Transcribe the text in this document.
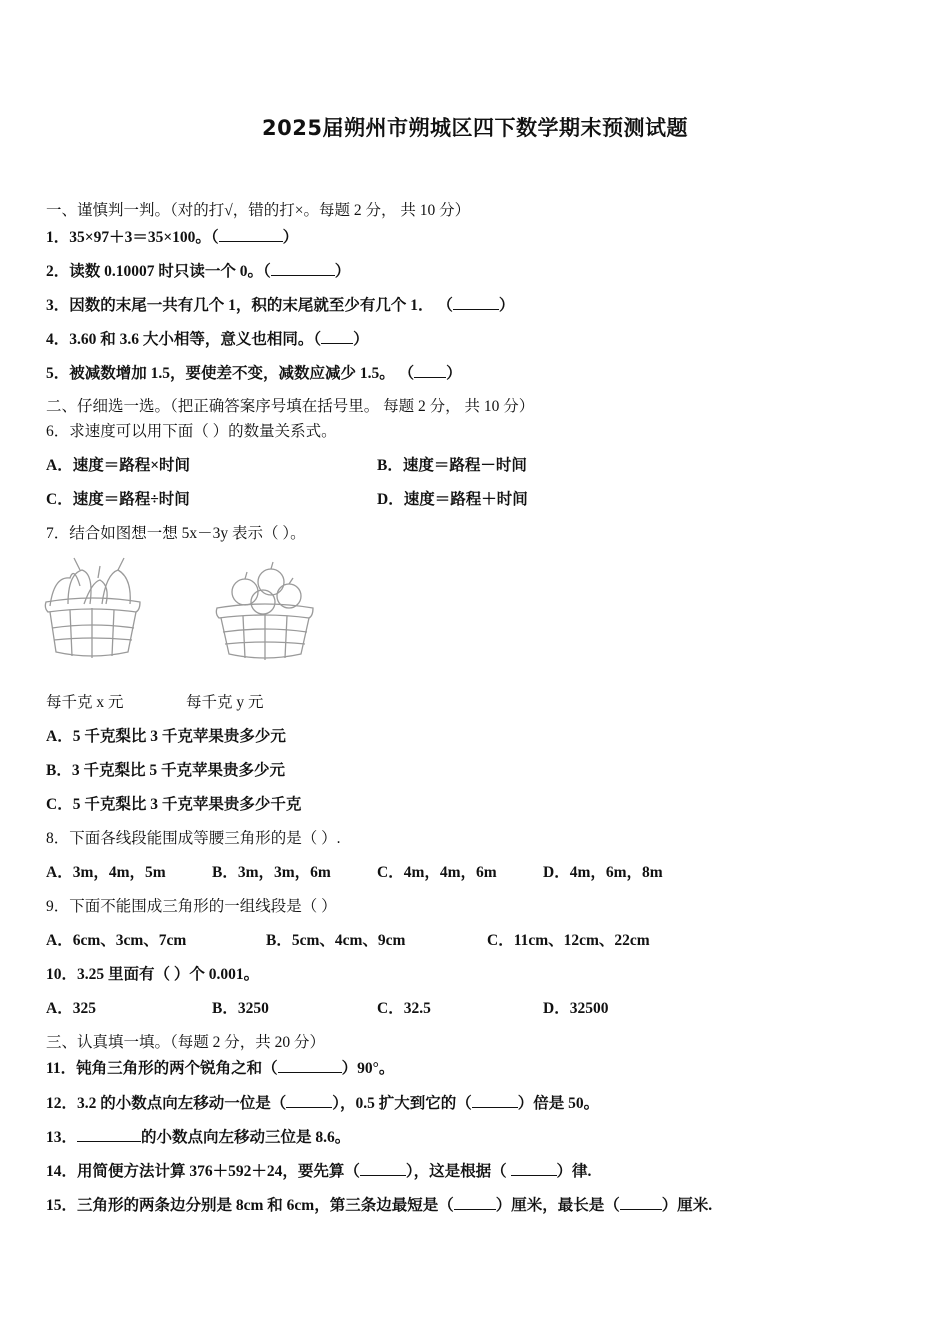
2025届朔州市朔城区四下数学期末预测试题
一、谨慎判一判。（对的打√，错的打×。每题 2 分， 共 10 分）
1．35×97＋3＝35×100。（	）
2．读数 0.10007 时只读一个 0。（	）
3．因数的末尾一共有几个 1，积的末尾就至少有几个 1． （	）
4．3.60 和 3.6 大小相等，意义也相同。（ ）
5．被减数增加 1.5，要使差不变，减数应减少 1.5。 （ ）
二、仔细选一选。（把正确答案序号填在括号里。 每题 2 分， 共 10 分）
6．求速度可以用下面（ ）的数量关系式。
A．速度＝路程×时间	B．速度＝路程－时间
C．速度＝路程÷时间	D．速度＝路程＋时间
7．结合如图想一想 5x－3y 表示（ ）。
每千克 x 元	每千克 y 元
A．5 千克梨比 3 千克苹果贵多少元
B．3 千克梨比 5 千克苹果贵多少元
C．5 千克梨比 3 千克苹果贵多少千克
8．下面各线段能围成等腰三角形的是（ ）.
A．3m，4m，5m	B．3m，3m，6m	C．4m，4m，6m	D．4m，6m，8m
9．下面不能围成三角形的一组线段是（ ）
A．6cm、3cm、7cm	B．5cm、4cm、9cm	C．11cm、12cm、22cm
10．3.25 里面有（ ）个 0.001。
A．325	B．3250	C．32.5	D．32500
三、认真填一填。（每题 2 分，共 20 分）
11．钝角三角形的两个锐角之和（	）90°。
12．3.2 的小数点向左移动一位是（	），0.5 扩大到它的（	）倍是 50。
13．	的小数点向左移动三位是 8.6。
14．用简便方法计算 376＋592＋24，要先算（	），这是根据（	）律.
15．三角形的两条边分别是 8cm 和 6cm，第三条边最短是（	）厘米，最长是（	）厘米.
